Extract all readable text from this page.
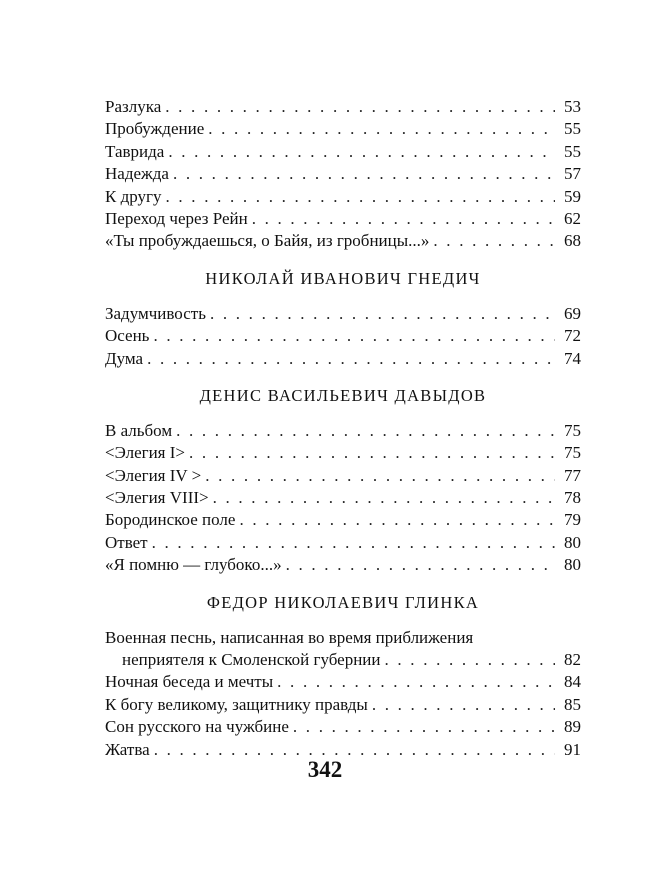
Разлука . . .	53
Пробуждение . . .	55
Таврида . . .	55
Надежда . . .	57
К другу . . .	59
Переход через Рейн . . .	62
«Ты пробуждаешься, о Байя, из гробницы...» . . .	68
НИКОЛАЙ ИВАНОВИЧ ГНЕДИЧ
Задумчивость . . .	69
Осень . . .	72
Дума . . .	74
ДЕНИС ВАСИЛЬЕВИЧ ДАВЫДОВ
В альбом . . .	75
<Элегия I> . . .	75
<Элегия IV > . . .	77
<Элегия VIII> . . .	78
Бородинское поле . . .	79
Ответ . . .	80
«Я помню — глубоко...» . . .	80
ФЕДОР НИКОЛАЕВИЧ ГЛИНКА
Военная песнь, написанная во время приближения
неприятеля к Смоленской губернии . . .	82
Ночная беседа и мечты . . .	84
К богу великому, защитнику правды . . .	85
Сон русского на чужбине . . .	89
Жатва . . .	91
342
